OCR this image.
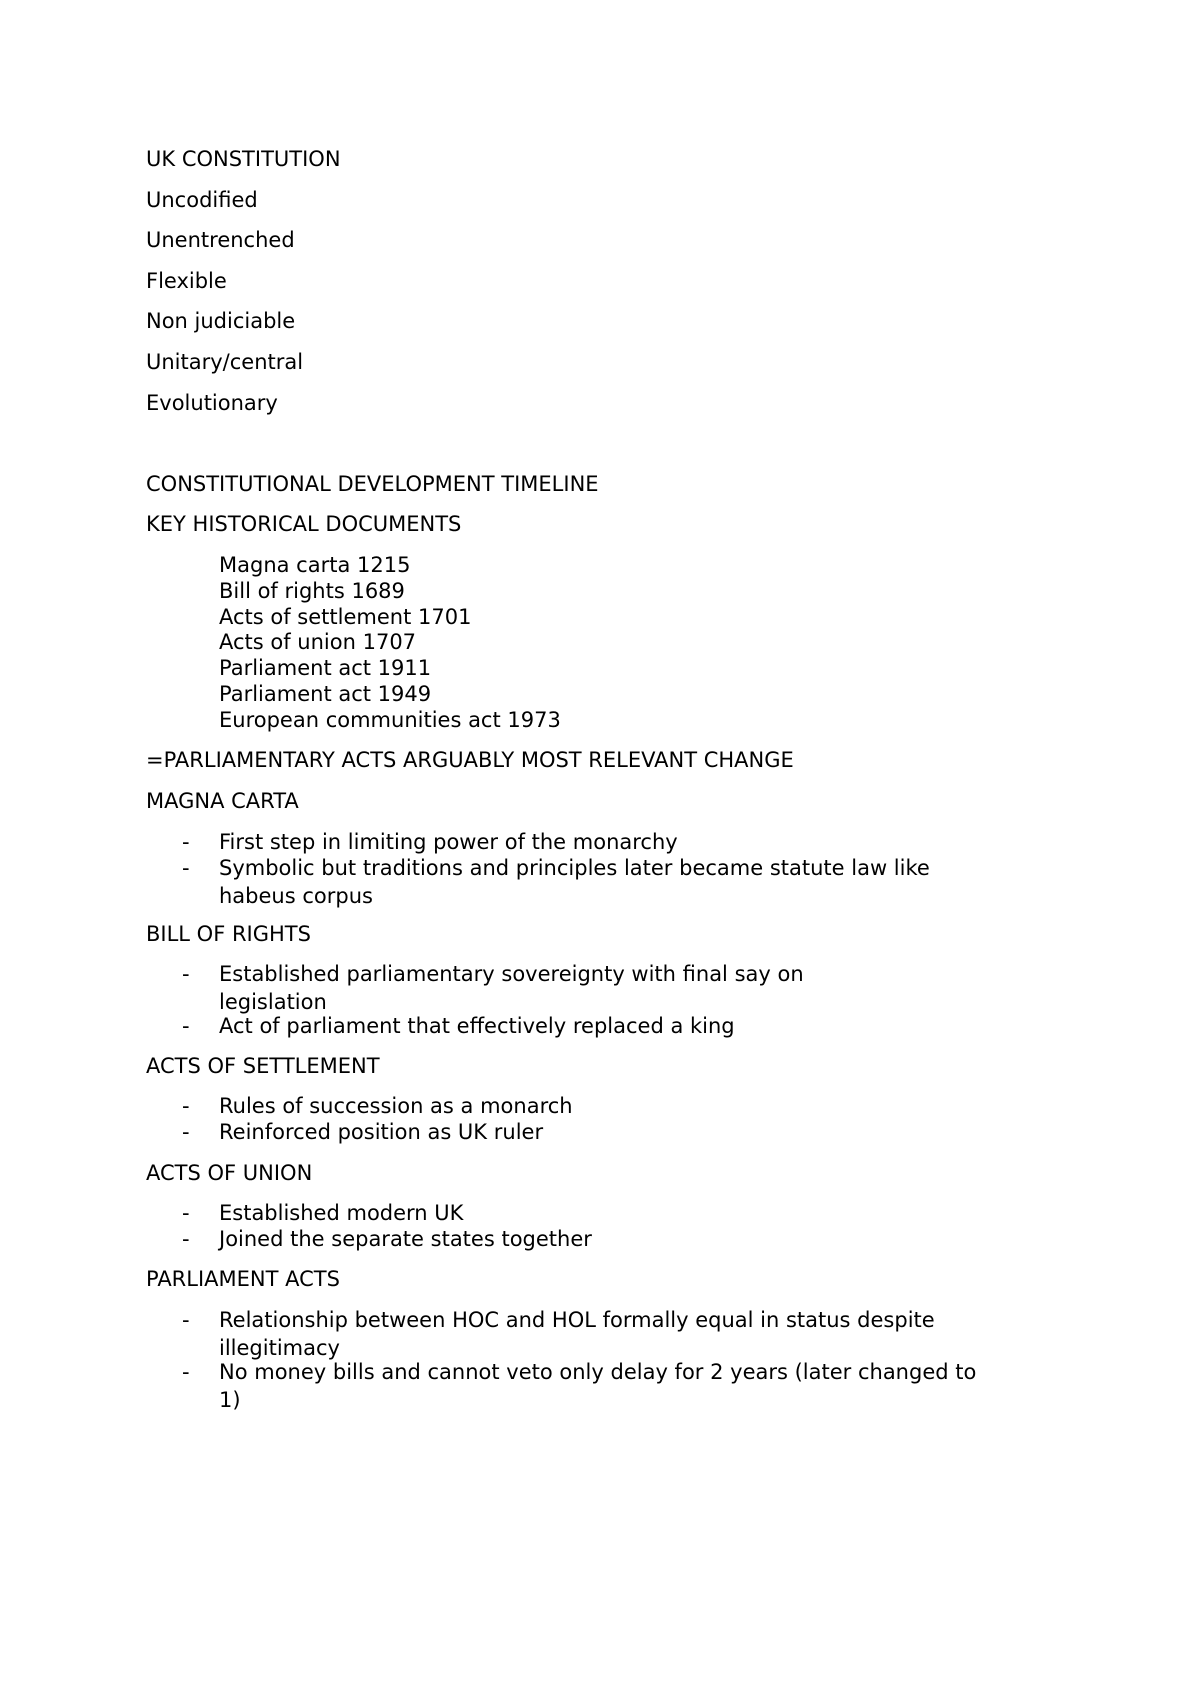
UK CONSTITUTION
Uncodified
Unentrenched
Flexible
Non judiciable
Unitary/central
Evolutionary
CONSTITUTIONAL DEVELOPMENT TIMELINE
KEY HISTORICAL DOCUMENTS
Magna carta 1215
Bill of rights 1689
Acts of settlement 1701
Acts of union 1707
Parliament act 1911
Parliament act 1949
European communities act 1973
=PARLIAMENTARY ACTS ARGUABLY MOST RELEVANT CHANGE
MAGNA CARTA
- First step in limiting power of the monarchy
- Symbolic but traditions and principles later became statute law like habeus corpus
BILL OF RIGHTS
- Established parliamentary sovereignty with final say on legislation
- Act of parliament that effectively replaced a king
ACTS OF SETTLEMENT
- Rules of succession as a monarch
- Reinforced position as UK ruler
ACTS OF UNION
- Established modern UK
- Joined the separate states together
PARLIAMENT ACTS
- Relationship between HOC and HOL formally equal in status despite illegitimacy
- No money bills and cannot veto only delay for 2 years (later changed to 1)
